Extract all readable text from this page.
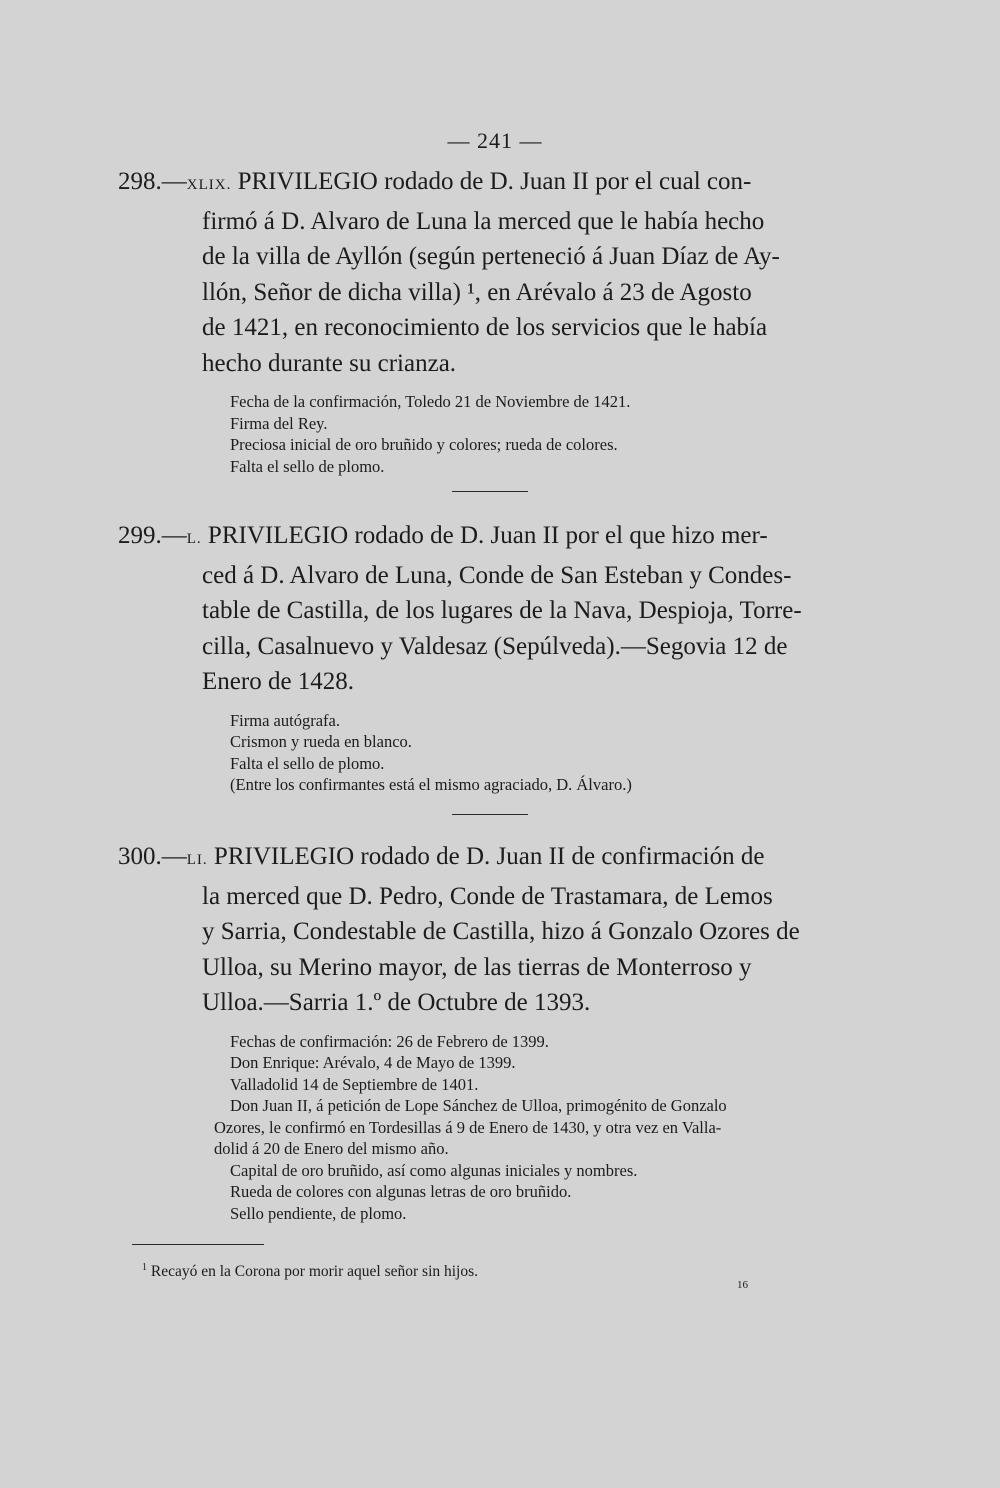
— 241 —
298.—XLIX. PRIVILEGIO rodado de D. Juan II por el cual con-
firmó á D. Alvaro de Luna la merced que le había hecho
de la villa de Ayllón (según perteneció á Juan Díaz de Ay-
llón, Señor de dicha villa) ¹, en Arévalo á 23 de Agosto
de 1421, en reconocimiento de los servicios que le había
hecho durante su crianza.
Fecha de la confirmación, Toledo 21 de Noviembre de 1421.
Firma del Rey.
Preciosa inicial de oro bruñido y colores; rueda de colores.
Falta el sello de plomo.
299.—L. PRIVILEGIO rodado de D. Juan II por el que hizo mer-
ced á D. Alvaro de Luna, Conde de San Esteban y Condes-
table de Castilla, de los lugares de la Nava, Despioja, Torre-
cilla, Casalnuevo y Valdesaz (Sepúlveda).—Segovia 12 de
Enero de 1428.
Firma autógrafa.
Crismon y rueda en blanco.
Falta el sello de plomo.
(Entre los confirmantes está el mismo agraciado, D. Álvaro.)
300.—LI. PRIVILEGIO rodado de D. Juan II de confirmación de
la merced que D. Pedro, Conde de Trastamara, de Lemos
y Sarria, Condestable de Castilla, hizo á Gonzalo Ozores de
Ulloa, su Merino mayor, de las tierras de Monterroso y
Ulloa.—Sarria 1.º de Octubre de 1393.
Fechas de confirmación: 26 de Febrero de 1399.
Don Enrique: Arévalo, 4 de Mayo de 1399.
Valladolid 14 de Septiembre de 1401.
Don Juan II, á petición de Lope Sánchez de Ulloa, primogénito de Gonzalo
Ozores, le confirmó en Tordesillas á 9 de Enero de 1430, y otra vez en Valla-
dolid á 20 de Enero del mismo año.
Capital de oro bruñido, así como algunas iniciales y nombres.
Rueda de colores con algunas letras de oro bruñido.
Sello pendiente, de plomo.
$^1$ Recayó en la Corona por morir aquel señor sin hijos.
16
